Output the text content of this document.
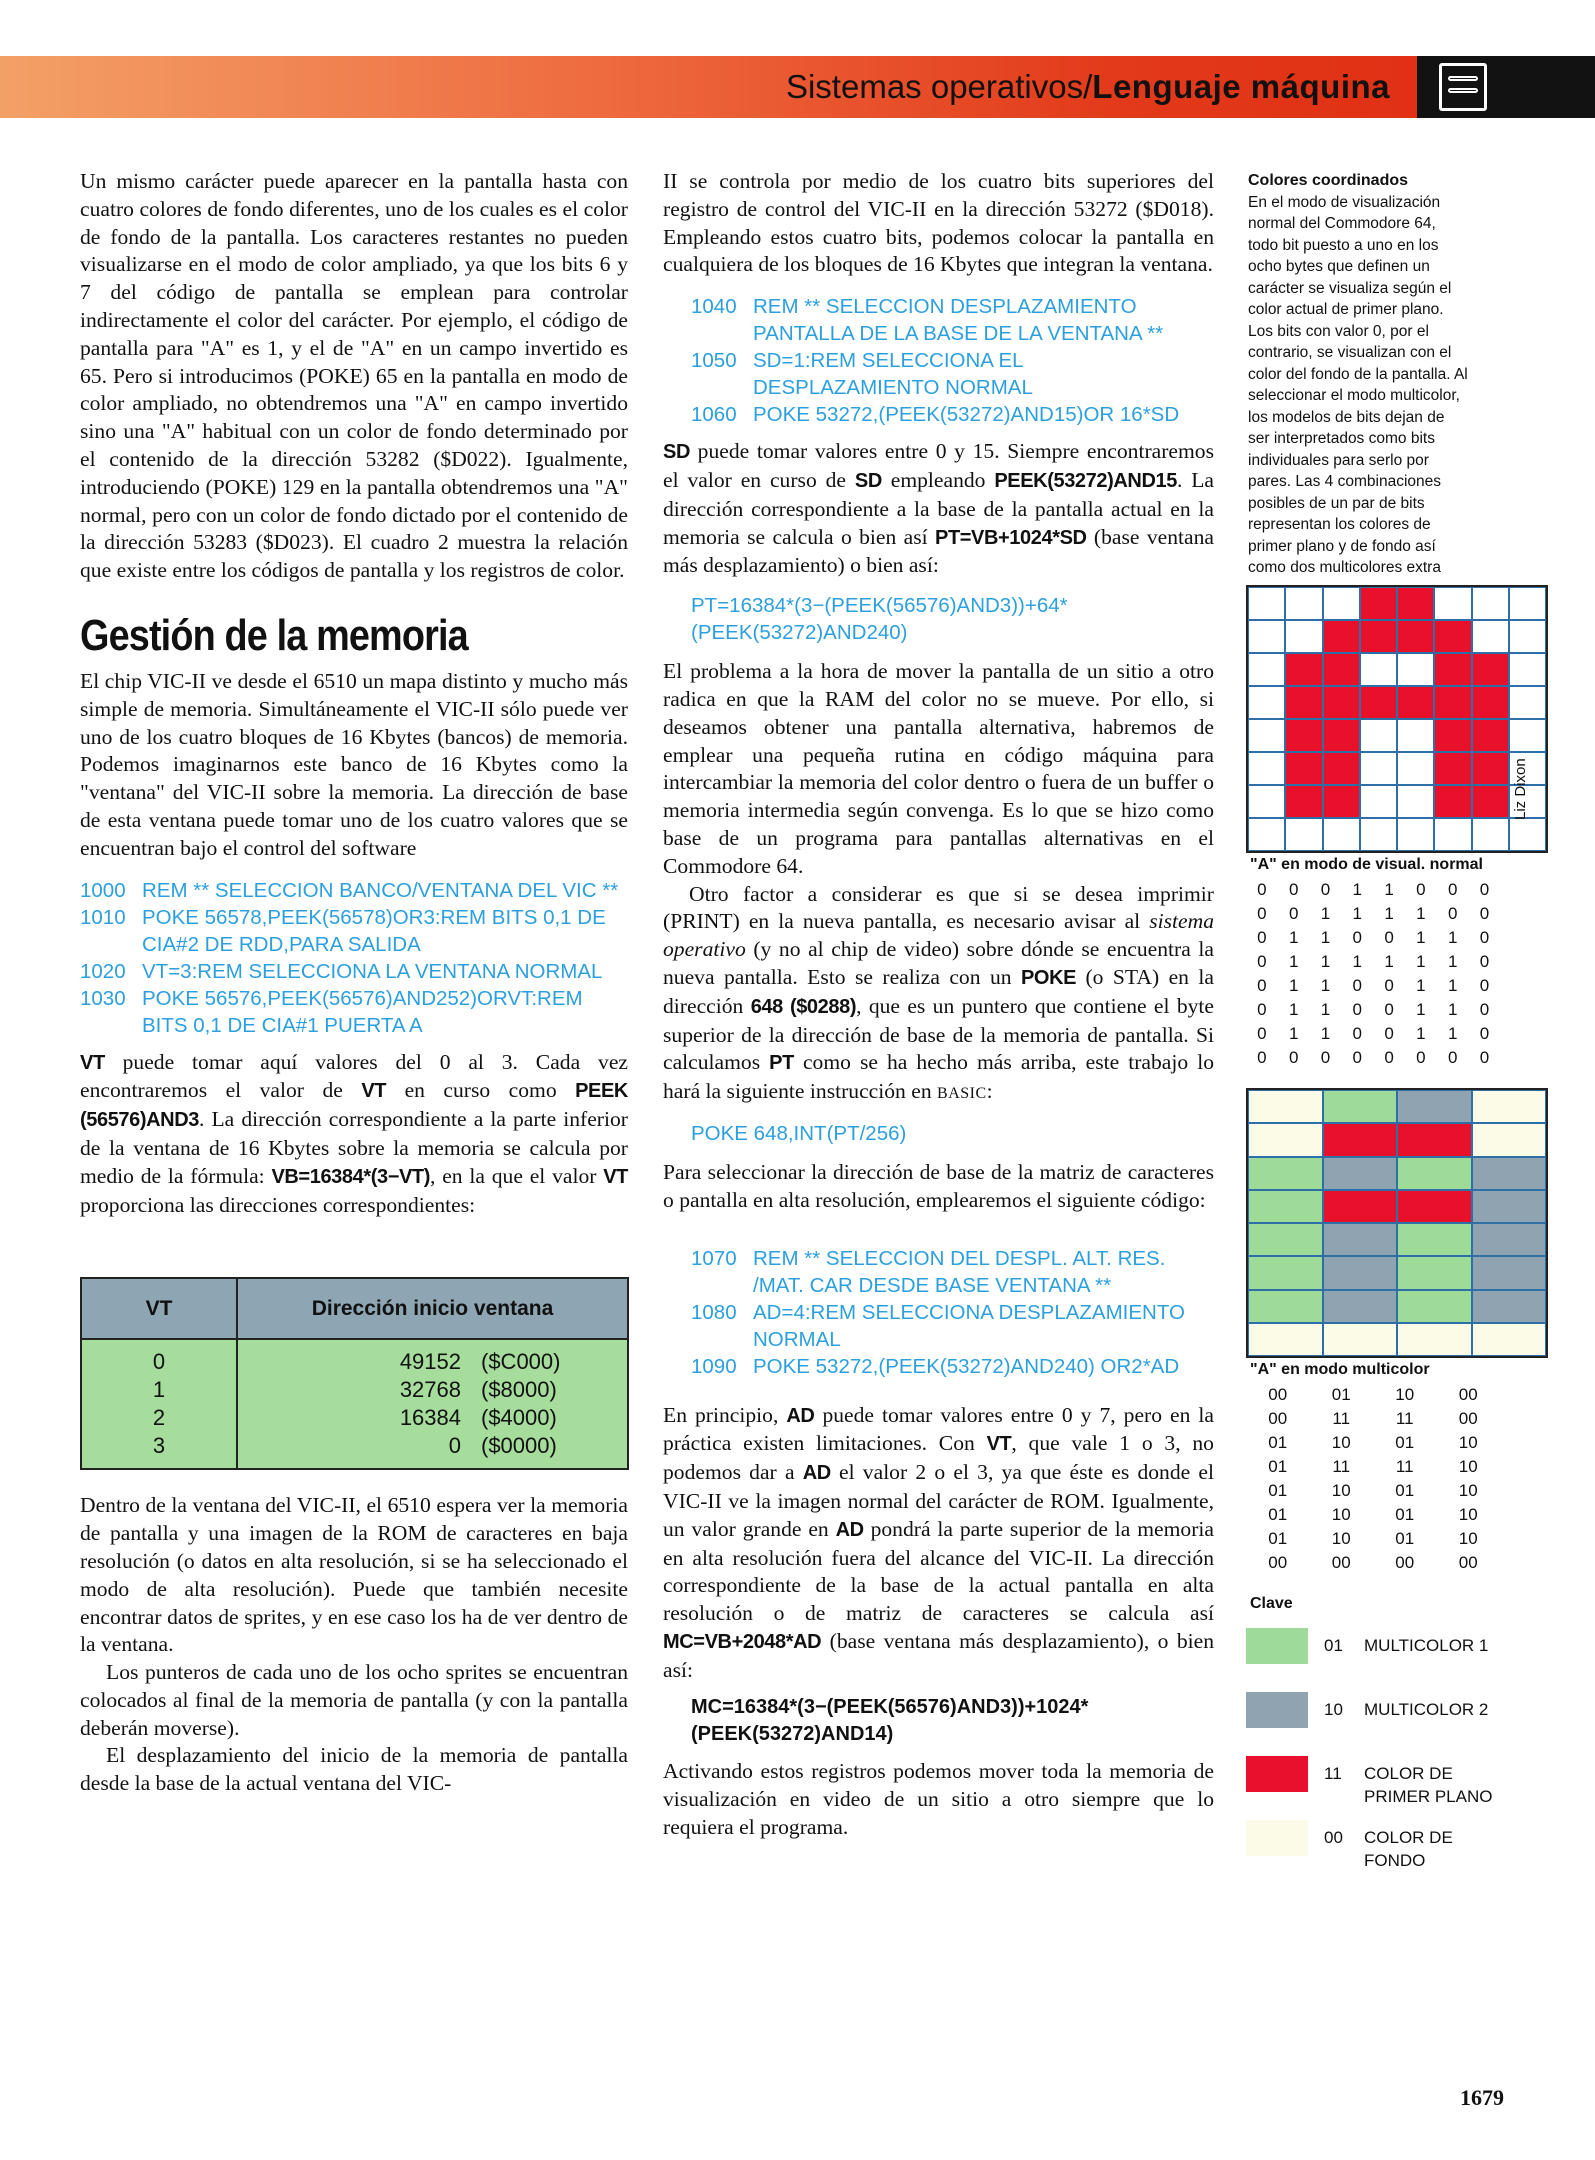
Sistemas operativos/Lenguaje máquina

Un mismo carácter puede aparecer en la pantalla hasta con cuatro colores de fondo diferentes, uno de los cuales es el color de fondo de la pantalla. Los caracteres restantes no pueden visualizarse en el modo de color ampliado, ya que los bits 6 y 7 del código de pantalla se emplean para controlar indirectamente el color del carácter. Por ejemplo, el código de pantalla para "A" es 1, y el de "A" en un campo invertido es 65. Pero si introducimos (POKE) 65 en la pantalla en modo de color ampliado, no obtendremos una "A" en campo invertido sino una "A" habitual con un color de fondo determinado por el contenido de la dirección 53282 ($D022). Igualmente, introduciendo (POKE) 129 en la pantalla obtendremos una "A" normal, pero con un color de fondo dictado por el contenido de la dirección 53283 ($D023). El cuadro 2 muestra la relación que existe entre los códigos de pantalla y los registros de color.

Gestión de la memoria

El chip VIC-II ve desde el 6510 un mapa distinto y mucho más simple de memoria. Simultáneamente el VIC-II sólo puede ver uno de los cuatro bloques de 16 Kbytes (bancos) de memoria. Podemos imaginarnos este banco de 16 Kbytes como la "ventana" del VIC-II sobre la memoria. La dirección de base de esta ventana puede tomar uno de los cuatro valores que se encuentran bajo el control del software

1000 REM ** SELECCION BANCO/VENTANA DEL VIC **
1010 POKE 56578,PEEK(56578)OR3:REM BITS 0,1 DE CIA#2 DE RDD,PARA SALIDA
1020 VT=3:REM SELECCIONA LA VENTANA NORMAL
1030 POKE 56576,PEEK(56576)AND252)ORVT:REM BITS 0,1 DE CIA#1 PUERTA A

VT puede tomar aquí valores del 0 al 3. Cada vez encontraremos el valor de VT en curso como PEEK (56576)AND3. La dirección correspondiente a la parte inferior de la ventana de 16 Kbytes sobre la memoria se calcula por medio de la fórmula: VB=16384*(3−VT), en la que el valor VT proporciona las direcciones correspondientes:

VT	Dirección inicio ventana
0	49152 ($C000)
1	32768 ($8000)
2	16384 ($4000)
3	0 ($0000)

Dentro de la ventana del VIC-II, el 6510 espera ver la memoria de pantalla y una imagen de la ROM de caracteres en baja resolución (o datos en alta resolución, si se ha seleccionado el modo de alta resolución). Puede que también necesite encontrar datos de sprites, y en ese caso los ha de ver dentro de la ventana.

Los punteros de cada uno de los ocho sprites se encuentran colocados al final de la memoria de pantalla (y con la pantalla deberán moverse).

El desplazamiento del inicio de la memoria de pantalla desde la base de la actual ventana del VIC-

II se controla por medio de los cuatro bits superiores del registro de control del VIC-II en la dirección 53272 ($D018). Empleando estos cuatro bits, podemos colocar la pantalla en cualquiera de los bloques de 16 Kbytes que integran la ventana.

1040 REM ** SELECCION DESPLAZAMIENTO PANTALLA DE LA BASE DE LA VENTANA **
1050 SD=1:REM SELECCIONA EL DESPLAZAMIENTO NORMAL
1060 POKE 53272,(PEEK(53272)AND15)OR 16*SD

SD puede tomar valores entre 0 y 15. Siempre encontraremos el valor en curso de SD empleando PEEK(53272)AND15. La dirección correspondiente a la base de la pantalla actual en la memoria se calcula o bien así PT=VB+1024*SD (base ventana más desplazamiento) o bien así:

PT=16384*(3−(PEEK(56576)AND3))+64*(PEEK(53272)AND240)

El problema a la hora de mover la pantalla de un sitio a otro radica en que la RAM del color no se mueve. Por ello, si deseamos obtener una pantalla alternativa, habremos de emplear una pequeña rutina en código máquina para intercambiar la memoria del color dentro o fuera de un buffer o memoria intermedia según convenga. Es lo que se hizo como base de un programa para pantallas alternativas en el Commodore 64.

Otro factor a considerar es que si se desea imprimir (PRINT) en la nueva pantalla, es necesario avisar al sistema operativo (y no al chip de video) sobre dónde se encuentra la nueva pantalla. Esto se realiza con un POKE (o STA) en la dirección 648 ($0288), que es un puntero que contiene el byte superior de la dirección de base de la memoria de pantalla. Si calculamos PT como se ha hecho más arriba, este trabajo lo hará la siguiente instrucción en BASIC:

POKE 648,INT(PT/256)

Para seleccionar la dirección de base de la matriz de caracteres o pantalla en alta resolución, emplearemos el siguiente código:

1070 REM ** SELECCION DEL DESPL. ALT. RES. /MAT. CAR DESDE BASE VENTANA **
1080 AD=4:REM SELECCIONA DESPLAZAMIENTO NORMAL
1090 POKE 53272,(PEEK(53272)AND240) OR2*AD

En principio, AD puede tomar valores entre 0 y 7, pero en la práctica existen limitaciones. Con VT, que vale 1 o 3, no podemos dar a AD el valor 2 o el 3, ya que éste es donde el VIC-II ve la imagen normal del carácter de ROM. Igualmente, un valor grande en AD pondrá la parte superior de la memoria en alta resolución fuera del alcance del VIC-II. La dirección correspondiente de la base de la actual pantalla en alta resolución o de matriz de caracteres se calcula así MC=VB+2048*AD (base ventana más desplazamiento), o bien así:

MC=16384*(3−(PEEK(56576)AND3))+1024* (PEEK(53272)AND14)

Activando estos registros podemos mover toda la memoria de visualización en video de un sitio a otro siempre que lo requiera el programa.

Colores coordinados
En el modo de visualización normal del Commodore 64, todo bit puesto a uno en los ocho bytes que definen un carácter se visualiza según el color actual de primer plano. Los bits con valor 0, por el contrario, se visualizan con el color del fondo de la pantalla. Al seleccionar el modo multicolor, los modelos de bits dejan de ser interpretados como bits individuales para serlo por pares. Las 4 combinaciones posibles de un par de bits representan los colores de primer plano y de fondo así como dos multicolores extra
Liz Dixon
"A" en modo de visual. normal
0	0	0	1	1	0	0	0
0	0	1	1	1	1	0	0
0	1	1	0	0	1	1	0
0	1	1	1	1	1	1	0
0	1	1	0	0	1	1	0
0	1	1	0	0	1	1	0
0	1	1	0	0	1	1	0
0	0	0	0	0	0	0	0
"A" en modo multicolor
00	01	10	00
00	11	11	00
01	10	01	10
01	11	11	10
01	10	01	10
01	10	01	10
01	10	01	10
00	00	00	00
Clave
01 MULTICOLOR 1
10 MULTICOLOR 2
11 COLOR DE PRIMER PLANO
00 COLOR DE FONDO
1679
